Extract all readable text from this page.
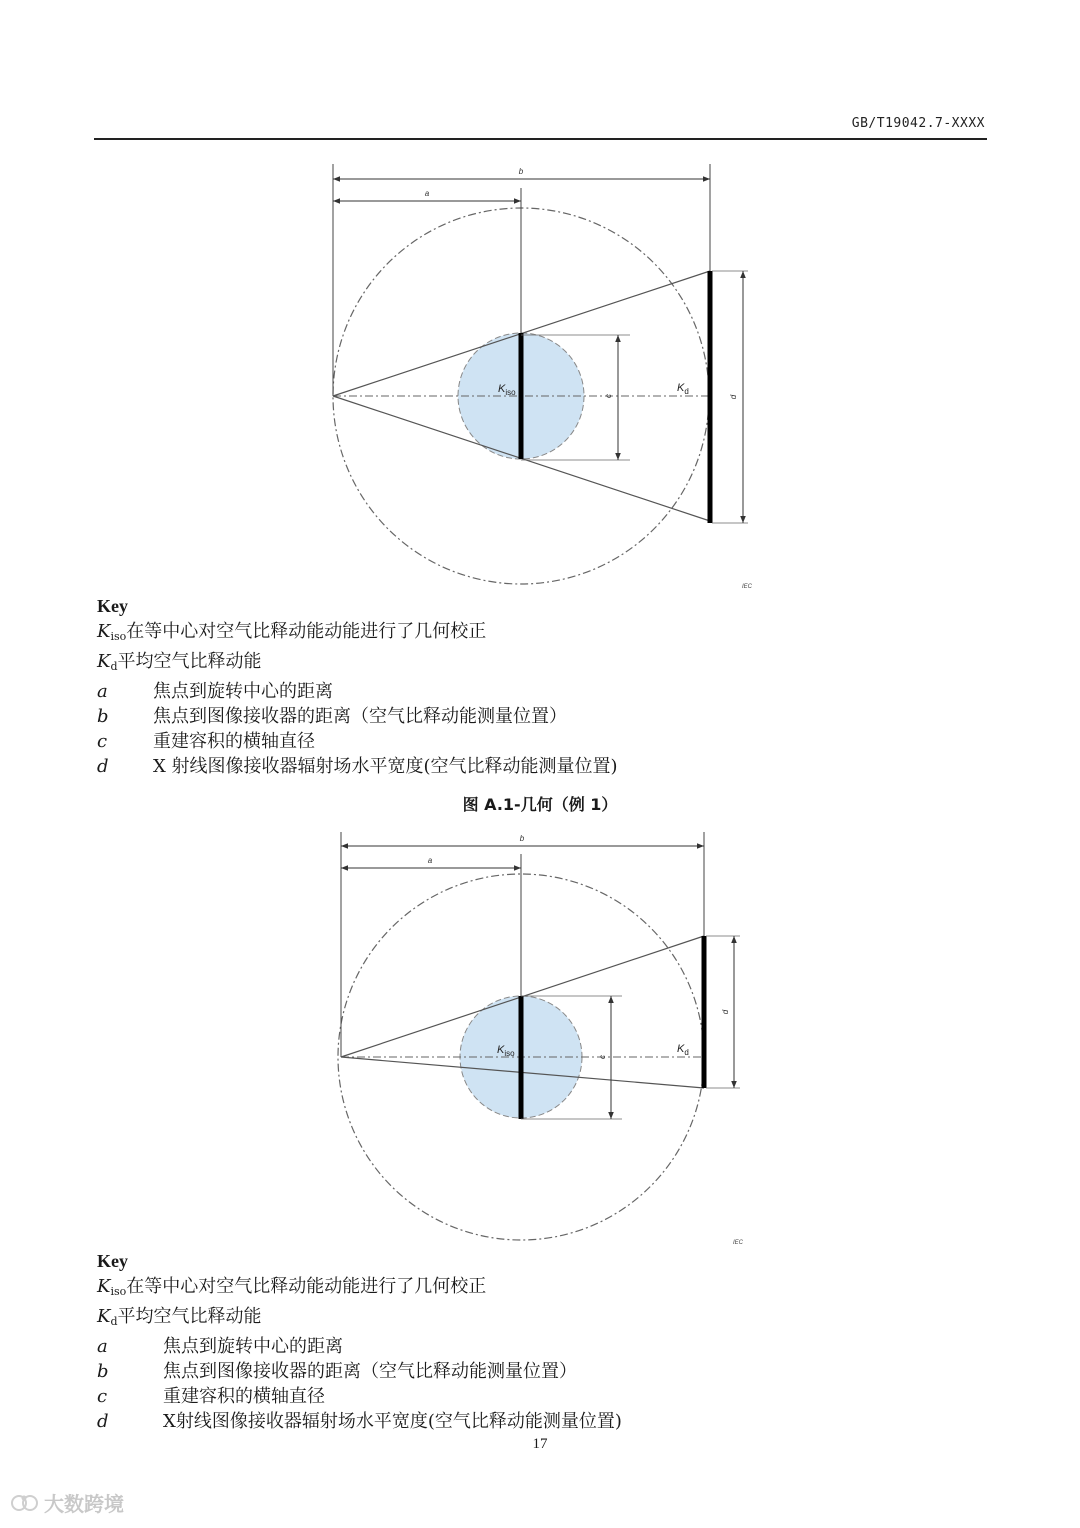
GB/T19042.7-XXXX
b
a
c	d
$K_{iso}$	$K_d$
IEC
Key
$K_{iso}$在等中心对空气比释动能动能进行了几何校正
$K_d$平均空气比释动能
a	焦点到旋转中心的距离
b	焦点到图像接收器的距离（空气比释动能测量位置）
c	重建容积的横轴直径
d	X 射线图像接收器辐射场水平宽度(空气比释动能测量位置)
图 A.1-几何（例 1）
b
a
c
d
$K_{iso}$	$K_d$
IEC
Key
$K_{iso}$在等中心对空气比释动能动能进行了几何校正
$K_d$平均空气比释动能
a	焦点到旋转中心的距离
b	焦点到图像接收器的距离（空气比释动能测量位置）
c	重建容积的横轴直径
d	X射线图像接收器辐射场水平宽度(空气比释动能测量位置)
17
大数跨境
